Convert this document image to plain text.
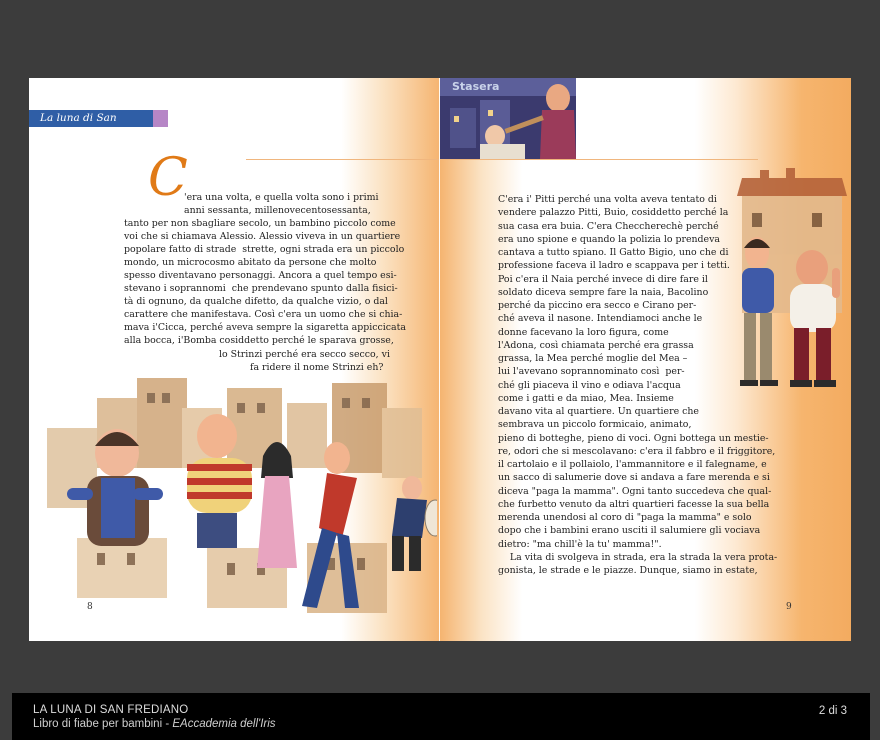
La luna di San Frediano
C
'era una volta, e quella volta sono i primi
anni sessanta, millenovecentosessanta,
tanto per non sbagliare secolo, un bambino piccolo come
voi che si chiamava Alessio. Alessio viveva in un quartiere
popolare fatto di strade  strette, ogni strada era un piccolo
mondo, un microcosmo abitato da persone che molto
spesso diventavano personaggi. Ancora a quel tempo esi-
stevano i soprannomi  che prendevano spunto dalla fisici-
tà di ognuno, da qualche difetto, da qualche vizio, o dal
carattere che manifestava. Così c'era un uomo che si chia-
mava i'Cicca, perché aveva sempre la sigaretta appiccicata
alla bocca, i'Bomba cosiddetto perché le sparava grosse,
lo Strinzi perché era secco secco, vi
fa ridere il nome Strinzi eh?
8
Stasera
C'era i' Pitti perché una volta aveva tentato di
vendere palazzo Pitti, Buio, cosiddetto perché la
sua casa era buia. C'era Checcherechè perché
era uno spione e quando la polizia lo prendeva
cantava a tutto spiano. Il Gatto Bigio, uno che di
professione faceva il ladro e scappava per i tetti.
Poi c'era il Naia perché invece di dire fare il
soldato diceva sempre fare la naia, Bacolino
perché da piccino era secco e Cirano per-
ché aveva il nasone. Intendiamoci anche le
donne facevano la loro figura, come
l'Adona, così chiamata perché era grassa
grassa, la Mea perché moglie del Mea –
lui l'avevano soprannominato così  per-
ché gli piaceva il vino e odiava l'acqua
come i gatti e da miao, Mea. Insieme
davano vita al quartiere. Un quartiere che
sembrava un piccolo formicaio, animato,
pieno di botteghe, pieno di voci. Ogni bottega un mestie-
re, odori che si mescolavano: c'era il fabbro e il friggitore,
il cartolaio e il pollaiolo, l'ammannitore e il falegname, e
un sacco di salumerie dove si andava a fare merenda e si
diceva "paga la mamma". Ogni tanto succedeva che qual-
che furbetto venuto da altri quartieri facesse la sua bella
merenda unendosi al coro di "paga la mamma" e solo
dopo che i bambini erano usciti il salumiere gli vociava
dietro: "ma chill'è la tu' mamma!".
La vita di svolgeva in strada, era la strada la vera prota-
gonista, le strade e le piazze. Dunque, siamo in estate,
9
LA LUNA DI SAN FREDIANO
Libro di fiabe per bambini - EAccademia dell'Iris
2 di 3
